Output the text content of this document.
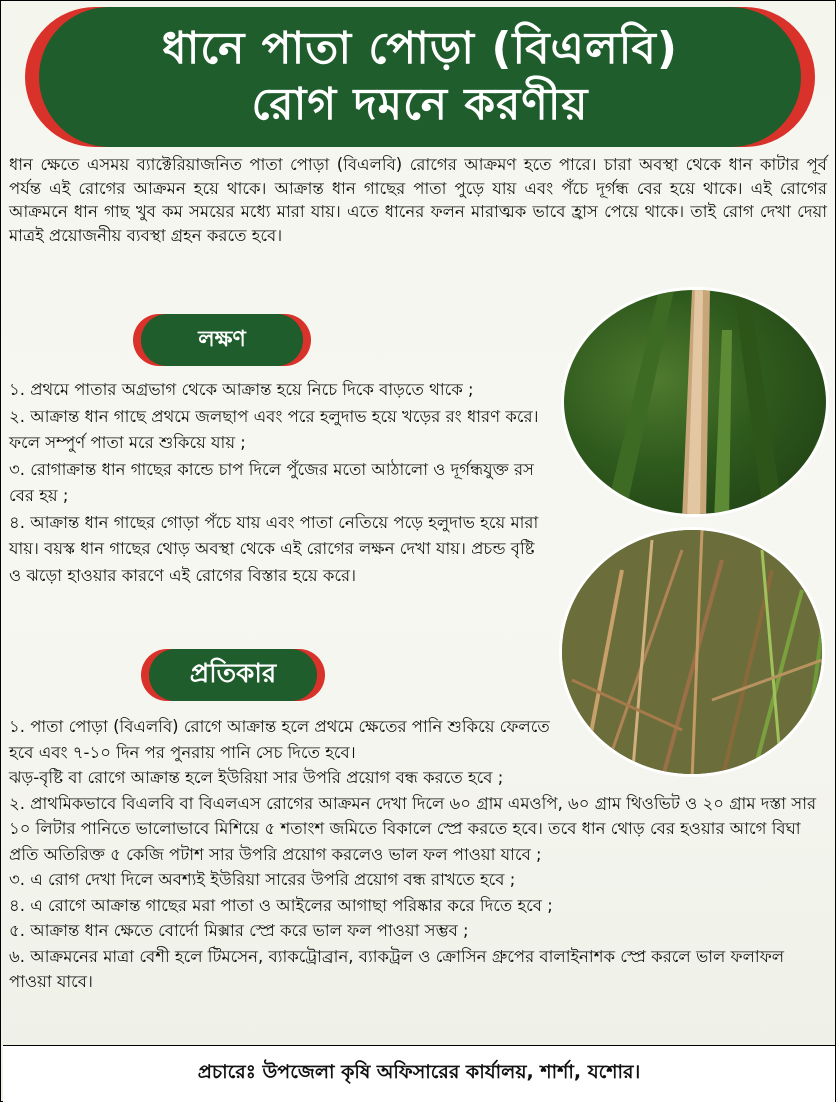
ধানে পাতা পোড়া (বিএলবি)
রোগ দমনে করণীয়
ধান ক্ষেতে এসময় ব্যাক্টেরিয়াজনিত পাতা পোড়া (বিএলবি) রোগের আক্রমণ হতে পারে। চারা অবস্থা থেকে ধান কাটার পূর্ব পর্যন্ত এই রোগের আক্রমন হয়ে থাকে। আক্রান্ত ধান গাছের পাতা পুড়ে যায় এবং পঁচে দূর্গন্ধ বের হয়ে থাকে। এই রোগের আক্রমনে ধান গাছ খুব কম সময়ের মধ্যে মারা যায়। এতে ধানের ফলন মারাত্মক ভাবে হ্রাস পেয়ে থাকে। তাই রোগ দেখা দেয়া মাত্রই প্রয়োজনীয় ব্যবস্থা গ্রহন করতে হবে।
লক্ষণ

১. প্রথমে পাতার অগ্রভাগ থেকে আক্রান্ত হয়ে নিচে দিকে বাড়তে থাকে ;

২. আক্রান্ত ধান গাছে প্রথমে জলছাপ এবং পরে হলুদাভ হয়ে খড়ের রং ধারণ করে। ফলে সম্পুর্ণ পাতা মরে শুকিয়ে যায় ;

৩. রোগাক্রান্ত ধান গাছের কান্ডে চাপ দিলে পুঁজের মতো আঠালো ও দূর্গন্ধযুক্ত রস বের হয় ;

৪. আক্রান্ত ধান গাছের গোড়া পঁচে যায় এবং পাতা নেতিয়ে পড়ে হলুদাভ হয়ে মারা যায়। বয়স্ক ধান গাছের থোড় অবস্থা থেকে এই রোগের লক্ষন দেখা যায়। প্রচন্ড বৃষ্টি ও ঝড়ো হাওয়ার কারণে এই রোগের বিস্তার হয়ে করে।

প্রতিকার

১. পাতা পোড়া (বিএলবি) রোগে আক্রান্ত হলে প্রথমে ক্ষেতের পানি শুকিয়ে ফেলতে হবে এবং ৭-১০ দিন পর পুনরায় পানি সেচ দিতে হবে।

ঝড়-বৃষ্টি বা রোগে আক্রান্ত হলে ইউরিয়া সার উপরি প্রয়োগ বন্ধ করতে হবে ;

২. প্রাথমিকভাবে বিএলবি বা বিএলএস রোগের আক্রমন দেখা দিলে ৬০ গ্রাম এমওপি, ৬০ গ্রাম থিওভিট ও ২০ গ্রাম দস্তা সার ১০ লিটার পানিতে ভালোভাবে মিশিয়ে ৫ শতাংশ জমিতে বিকালে স্প্রে করতে হবে। তবে ধান থোড় বের হওয়ার আগে বিঘা প্রতি অতিরিক্ত ৫ কেজি পটাশ সার উপরি প্রয়োগ করলেও ভাল ফল পাওয়া যাবে ;

৩. এ রোগ দেখা দিলে অবশ্যই ইউরিয়া সারের উপরি প্রয়োগ বন্ধ রাখতে হবে ;

৪. এ রোগে আক্রান্ত গাছের মরা পাতা ও আইলের আগাছা পরিষ্কার করে দিতে হবে ;

৫. আক্রান্ত ধান ক্ষেতে বোর্দো মিক্সার স্প্রে করে ভাল ফল পাওয়া সম্ভব ;

৬. আক্রমনের মাত্রা বেশী হলে টিমসেন, ব্যাকট্রোব্রান, ব্যাকট্রল ও ক্রোসিন গ্রুপের বালাইনাশক স্প্রে করলে ভাল ফলাফল পাওয়া যাবে।

প্রচারেঃ উপজেলা কৃষি অফিসারের কার্যালয়, শার্শা, যশোর।
